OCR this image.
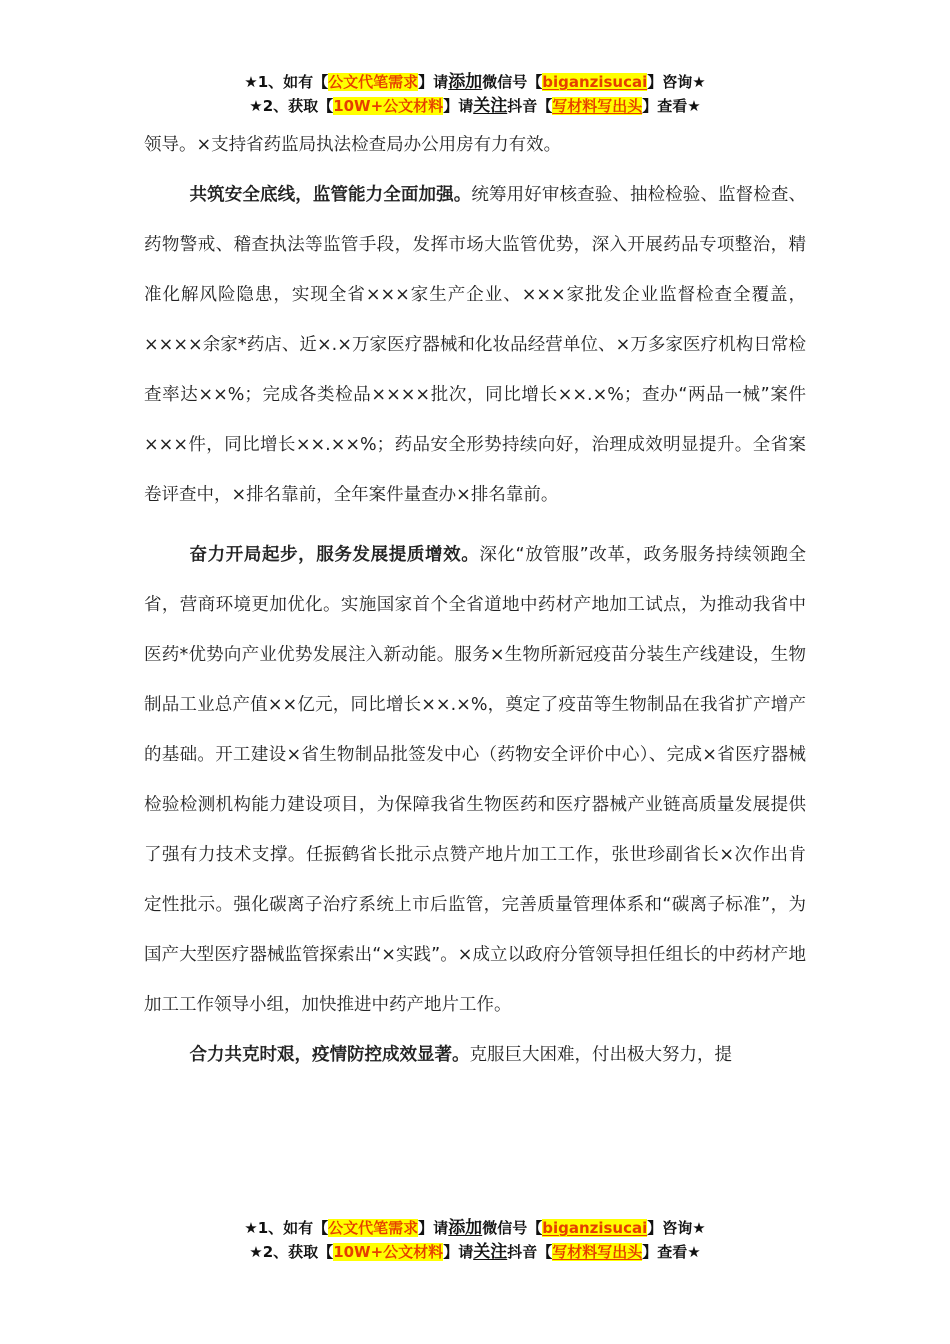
★1、如有【公文代笔需求】请添加微信号【biganzisucai】咨询★
★2、获取【10W+公文材料】请关注抖音【写材料写出头】查看★

领导。×支持省药监局执法检查局办公用房有力有效。

共筑安全底线，监管能力全面加强。统筹用好审核查验、抽检检验、监督检查、药物警戒、稽查执法等监管手段，发挥市场大监管优势，深入开展药品专项整治，精准化解风险隐患，实现全省×××家生产企业、×××家批发企业监督检查全覆盖，××××余家*药店、近×.×万家医疗器械和化妆品经营单位、×万多家医疗机构日常检查率达××%；完成各类检品××××批次，同比增长××.×%；查办“两品一械”案件×××件，同比增长××.××%；药品安全形势持续向好，治理成效明显提升。全省案卷评查中，×排名靠前，全年案件量查办×排名靠前。

奋力开局起步，服务发展提质增效。深化“放管服”改革，政务服务持续领跑全省，营商环境更加优化。实施国家首个全省道地中药材产地加工试点，为推动我省中医药*优势向产业优势发展注入新动能。服务×生物所新冠疫苗分装生产线建设，生物制品工业总产值××亿元，同比增长××.×%，奠定了疫苗等生物制品在我省扩产增产的基础。开工建设×省生物制品批签发中心（药物安全评价中心）、完成×省医疗器械检验检测机构能力建设项目，为保障我省生物医药和医疗器械产业链高质量发展提供了强有力技术支撑。任振鹤省长批示点赞产地片加工工作，张世珍副省长×次作出肯定性批示。强化碳离子治疗系统上市后监管，完善质量管理体系和“碳离子标准”，为国产大型医疗器械监管探索出“×实践”。×成立以政府分管领导担任组长的中药材产地加工工作领导小组，加快推进中药产地片工作。

合力共克时艰，疫情防控成效显著。克服巨大困难，付出极大努力，提

★1、如有【公文代笔需求】请添加微信号【biganzisucai】咨询★
★2、获取【10W+公文材料】请关注抖音【写材料写出头】查看★
